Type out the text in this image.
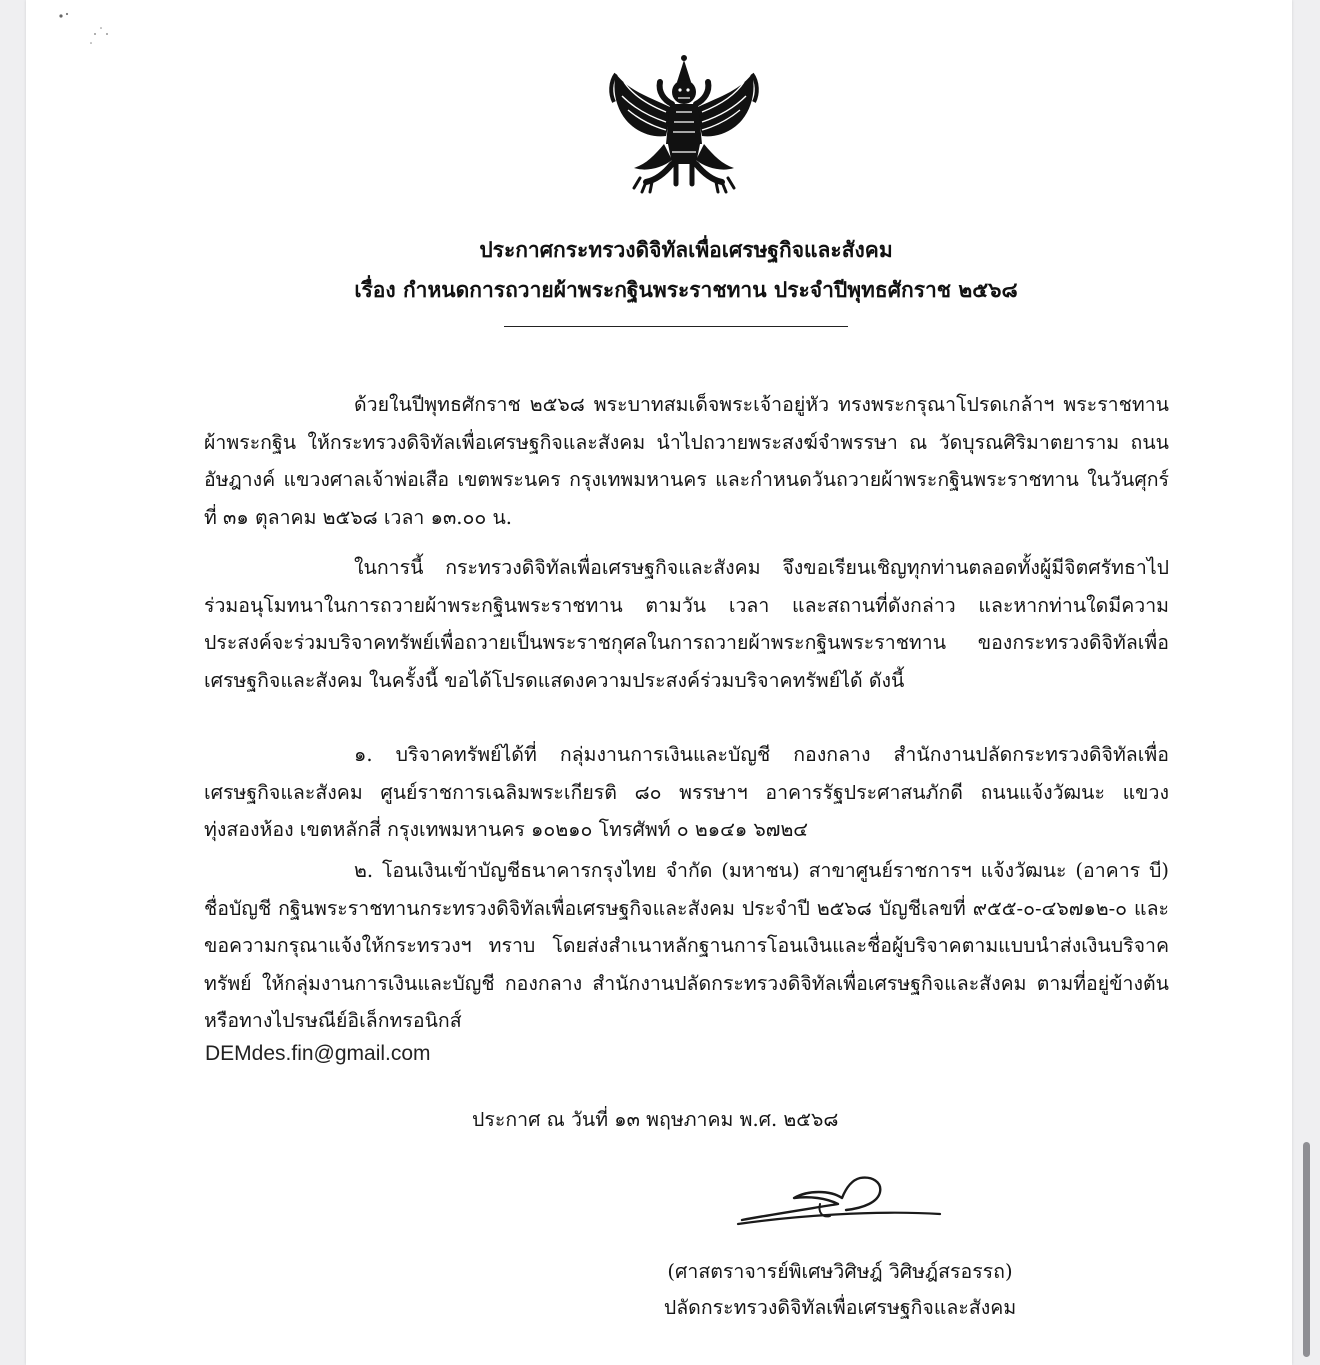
ประกาศกระทรวงดิจิทัลเพื่อเศรษฐกิจและสังคม
เรื่อง กำหนดการถวายผ้าพระกฐินพระราชทาน ประจำปีพุทธศักราช ๒๕๖๘

ด้วยในปีพุทธศักราช ๒๕๖๘ พระบาทสมเด็จพระเจ้าอยู่หัว ทรงพระกรุณาโปรดเกล้าฯ พระราชทานผ้าพระกฐิน ให้กระทรวงดิจิทัลเพื่อเศรษฐกิจและสังคม นำไปถวายพระสงฆ์จำพรรษา ณ วัดบุรณศิริมาตยาราม ถนนอัษฎางค์ แขวงศาลเจ้าพ่อเสือ เขตพระนคร กรุงเทพมหานคร และกำหนดวันถวายผ้าพระกฐินพระราชทาน ในวันศุกร์ที่ ๓๑ ตุลาคม ๒๕๖๘ เวลา ๑๓.๐๐ น.

ในการนี้ กระทรวงดิจิทัลเพื่อเศรษฐกิจและสังคม จึงขอเรียนเชิญทุกท่านตลอดทั้งผู้มีจิตศรัทธาไปร่วมอนุโมทนาในการถวายผ้าพระกฐินพระราชทาน ตามวัน เวลา และสถานที่ดังกล่าว และหากท่านใดมีความประสงค์จะร่วมบริจาคทรัพย์เพื่อถวายเป็นพระราชกุศลในการถวายผ้าพระกฐินพระราชทาน ของกระทรวงดิจิทัลเพื่อเศรษฐกิจและสังคม ในครั้งนี้ ขอได้โปรดแสดงความประสงค์ร่วมบริจาคทรัพย์ได้ ดังนี้

๑. บริจาคทรัพย์ได้ที่ กลุ่มงานการเงินและบัญชี กองกลาง สำนักงานปลัดกระทรวงดิจิทัลเพื่อเศรษฐกิจและสังคม ศูนย์ราชการเฉลิมพระเกียรติ ๘๐ พรรษาฯ อาคารรัฐประศาสนภักดี ถนนแจ้งวัฒนะ แขวงทุ่งสองห้อง เขตหลักสี่ กรุงเทพมหานคร ๑๐๒๑๐ โทรศัพท์ ๐ ๒๑๔๑ ๖๗๒๔

๒. โอนเงินเข้าบัญชีธนาคารกรุงไทย จำกัด (มหาชน) สาขาศูนย์ราชการฯ แจ้งวัฒนะ (อาคาร บี) ชื่อบัญชี กฐินพระราชทานกระทรวงดิจิทัลเพื่อเศรษฐกิจและสังคม ประจำปี ๒๕๖๘ บัญชีเลขที่ ๙๕๕-๐-๔๖๗๑๒-๐ และขอความกรุณาแจ้งให้กระทรวงฯ ทราบ โดยส่งสำเนาหลักฐานการโอนเงินและชื่อผู้บริจาคตามแบบนำส่งเงินบริจาคทรัพย์ ให้กลุ่มงานการเงินและบัญชี กองกลาง สำนักงานปลัดกระทรวงดิจิทัลเพื่อเศรษฐกิจและสังคม ตามที่อยู่ข้างต้น หรือทางไปรษณีย์อิเล็กทรอนิกส์

DEMdes.fin@gmail.com
ประกาศ ณ วันที่ ๑๓ พฤษภาคม พ.ศ. ๒๕๖๘
(ศาสตราจารย์พิเศษวิศิษฎ์ วิศิษฎ์สรอรรถ)
ปลัดกระทรวงดิจิทัลเพื่อเศรษฐกิจและสังคม
